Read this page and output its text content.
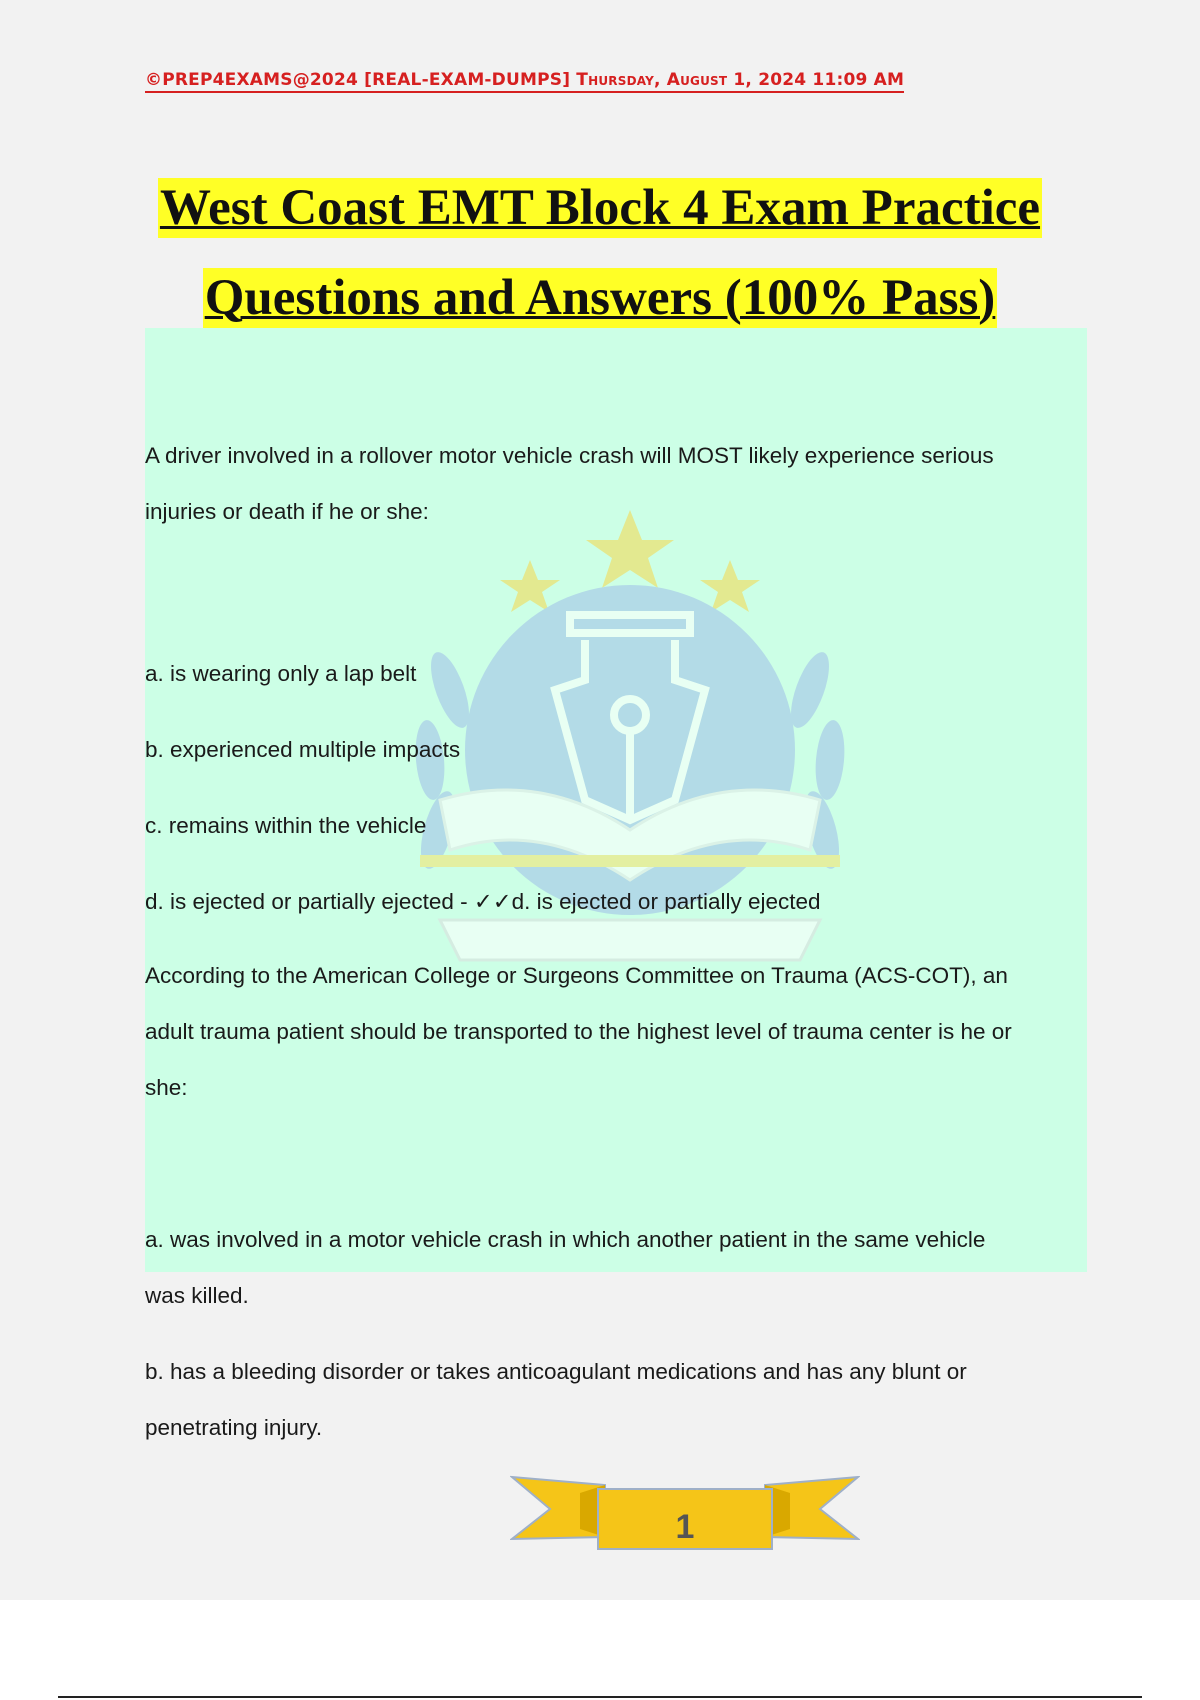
©PREP4EXAMS@2024 [REAL-EXAM-DUMPS] Thursday, August 1, 2024 11:09 AM
West Coast EMT Block 4 Exam Practice
Questions and Answers (100% Pass)

A driver involved in a rollover motor vehicle crash will MOST likely experience serious

injuries or death if he or she:

a. is wearing only a lap belt

b. experienced multiple impacts

c. remains within the vehicle

d. is ejected or partially ejected - ✓✓d. is ejected or partially ejected

According to the American College or Surgeons Committee on Trauma (ACS-COT), an

adult trauma patient should be transported to the highest level of trauma center is he or

she:

a. was involved in a motor vehicle crash in which another patient in the same vehicle

was killed.

b. has a bleeding disorder or takes anticoagulant medications and has any blunt or

penetrating injury.

1
